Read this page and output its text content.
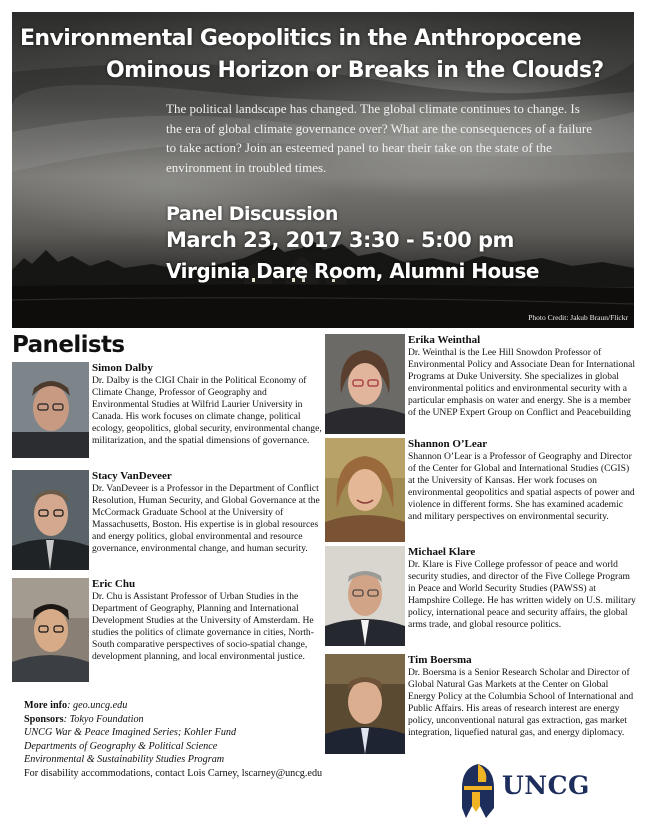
Environmental Geopolitics in the Anthropocene
Ominous Horizon or Breaks in the Clouds?
The political landscape has changed. The global climate continues to change. Is the era of global climate governance over? What are the consequences of a failure to take action? Join an esteemed panel to hear their take on the state of the environment in troubled times.
Panel Discussion
March 23, 2017 3:30 - 5:00 pm
Virginia Dare Room, Alumni House
Photo Credit: Jakub Braun/Flickr
Panelists
Simon Dalby
Dr. Dalby is the CIGI Chair in the Political Economy of Climate Change, Professor of Geography and Environmental Studies at Wilfrid Laurier University in Canada. His work focuses on climate change, political ecology, geopolitics, global security, environmental change, militarization, and the spatial dimensions of governance.
Stacy VanDeveer
Dr. VanDeveer is a Professor in the Department of Conflict Resolution, Human Security, and Global Governance at the McCormack Graduate School at the University of Massachusetts, Boston. His expertise is in global resources and energy politics, global environmental and resource governance, environmental change, and human security.
Eric Chu
Dr. Chu is Assistant Professor of Urban Studies in the Department of Geography, Planning and International Development Studies at the University of Amsterdam. He studies the politics of climate governance in cities, North-South comparative perspectives of socio-spatial change, development planning, and local environmental justice.
Erika Weinthal
Dr. Weinthal is the Lee Hill Snowdon Professor of Environmental Policy and Associate Dean for International Programs at Duke University. She specializes in global environmental politics and environmental security with a particular emphasis on water and energy. She is a member of the UNEP Expert Group on Conflict and Peacebuilding
Shannon O’Lear
Shannon O’Lear is a Professor of Geography and Director of the Center for Global and International Studies (CGIS) at the University of Kansas. Her work focuses on environmental geopolitics and spatial aspects of power and violence in different forms. She has examined academic and military perspectives on environmental security.
Michael Klare
Dr. Klare is Five College professor of peace and world security studies, and director of the Five College Program in Peace and World Security Studies (PAWSS) at Hampshire College. He has written widely on U.S. military policy, international peace and security affairs, the global arms trade, and global resource politics.
Tim Boersma
Dr. Boersma is a Senior Research Scholar and Director of Global Natural Gas Markets at the Center on Global Energy Policy at the Columbia School of International and Public Affairs. His areas of research interest are energy policy, unconventional natural gas extraction, gas market integration, liquefied natural gas, and energy diplomacy.
More info: geo.uncg.edu
Sponsors: Tokyo Foundation
UNCG War & Peace Imagined Series; Kohler Fund
Departments of Geography & Political Science
Environmental & Sustainability Studies Program
For disability accommodations, contact Lois Carney, lscarney@uncg.edu	UNCG
